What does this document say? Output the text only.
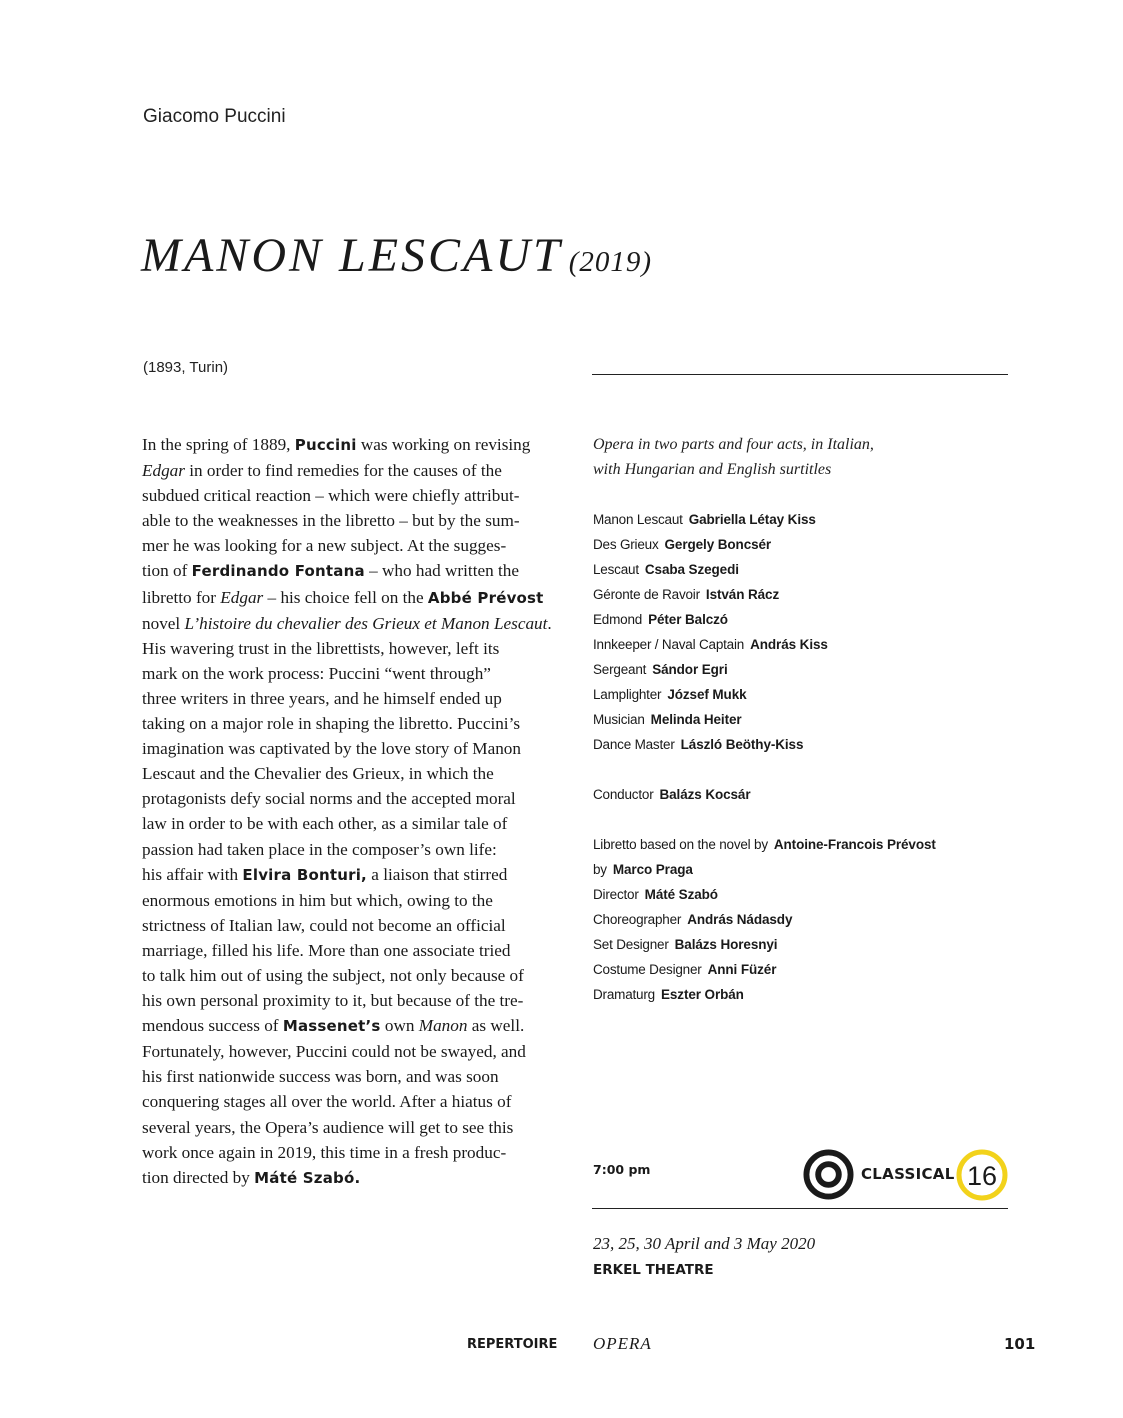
Giacomo Puccini
MANON LESCAUT (2019)
(1893, Turin)
In the spring of 1889, Puccini was working on revising
Edgar in order to find remedies for the causes of the
subdued critical reaction – which were chiefly attribut-
able to the weaknesses in the libretto – but by the sum-
mer he was looking for a new subject. At the sugges-
tion of Ferdinando Fontana – who had written the
libretto for Edgar – his choice fell on the Abbé Prévost
novel L’histoire du chevalier des Grieux et Manon Lescaut.
His wavering trust in the librettists, however, left its
mark on the work process: Puccini “went through”
three writers in three years, and he himself ended up
taking on a major role in shaping the libretto. Puccini’s
imagination was captivated by the love story of Manon
Lescaut and the Chevalier des Grieux, in which the
protagonists defy social norms and the accepted moral
law in order to be with each other, as a similar tale of
passion had taken place in the composer’s own life:
his affair with Elvira Bonturi, a liaison that stirred
enormous emotions in him but which, owing to the
strictness of Italian law, could not become an official
marriage, filled his life. More than one associate tried
to talk him out of using the subject, not only because of
his own personal proximity to it, but because of the tre-
mendous success of Massenet’s own Manon as well.
Fortunately, however, Puccini could not be swayed, and
his first nationwide success was born, and was soon
conquering stages all over the world. After a hiatus of
several years, the Opera’s audience will get to see this
work once again in 2019, this time in a fresh produc-
tion directed by Máté Szabó.
Opera in two parts and four acts, in Italian,
with Hungarian and English surtitles
Manon Lescaut Gabriella Létay Kiss
Des Grieux Gergely Boncsér
Lescaut Csaba Szegedi
Géronte de Ravoir István Rácz
Edmond Péter Balczó
Innkeeper / Naval Captain András Kiss
Sergeant Sándor Egri
Lamplighter József Mukk
Musician Melinda Heiter
Dance Master László Beöthy-Kiss
Conductor Balázs Kocsár
Libretto based on the novel by Antoine-Francois Prévost
by Marco Praga
Director Máté Szabó
Choreographer András Nádasdy
Set Designer Balázs Horesnyi
Costume Designer Anni Füzér
Dramaturg Eszter Orbán
7:00 pm	CLASSICAL 16
23, 25, 30 April and 3 May 2020
ERKEL THEATRE
REPERTOIRE OPERA	101
